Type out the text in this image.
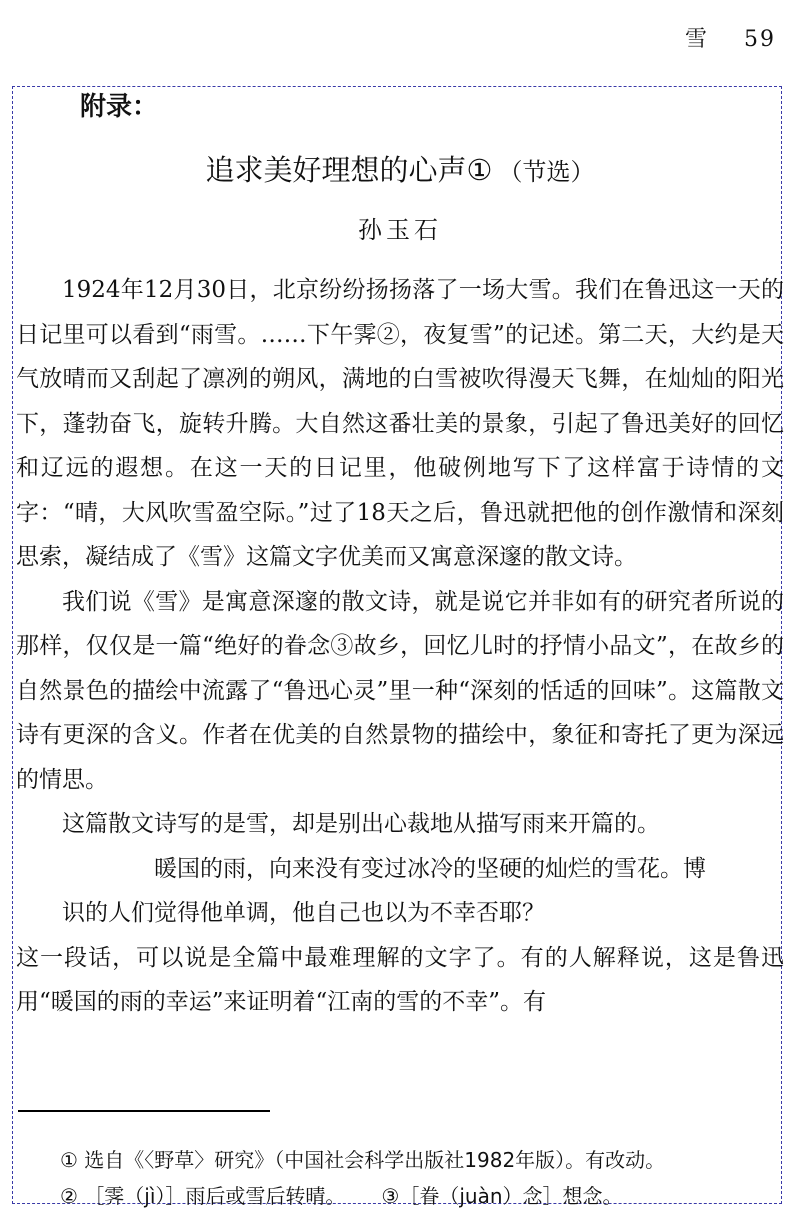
雪 59
附录：
追求美好理想的心声① （节选）
孙玉石

1924年12月30日，北京纷纷扬扬落了一场大雪。我们在鲁迅这一天的日记里可以看到“雨雪。……下午霁②，夜复雪”的记述。第二天，大约是天气放晴而又刮起了凛冽的朔风，满地的白雪被吹得漫天飞舞，在灿灿的阳光下，蓬勃奋飞，旋转升腾。大自然这番壮美的景象，引起了鲁迅美好的回忆和辽远的遐想。在这一天的日记里，他破例地写下了这样富于诗情的文字：“晴，大风吹雪盈空际。”过了18天之后，鲁迅就把他的创作激情和深刻思索，凝结成了《雪》这篇文字优美而又寓意深邃的散文诗。

我们说《雪》是寓意深邃的散文诗，就是说它并非如有的研究者所说的那样，仅仅是一篇“绝好的眷念③故乡，回忆儿时的抒情小品文”，在故乡的自然景色的描绘中流露了“鲁迅心灵”里一种“深刻的恬适的回味”。这篇散文诗有更深的含义。作者在优美的自然景物的描绘中，象征和寄托了更为深远的情思。

这篇散文诗写的是雪，却是别出心裁地从描写雨来开篇的。

暖国的雨，向来没有变过冰冷的坚硬的灿烂的雪花。博

识的人们觉得他单调，他自己也以为不幸否耶？

这一段话，可以说是全篇中最难理解的文字了。有的人解释说，这是鲁迅用“暖国的雨的幸运”来证明着“江南的雪的不幸”。有

① 选自《〈野草〉研究》（中国社会科学出版社1982年版）。有改动。

② ［霁（jì）］雨后或雪后转晴。 ③［眷（juàn）念］想念。
